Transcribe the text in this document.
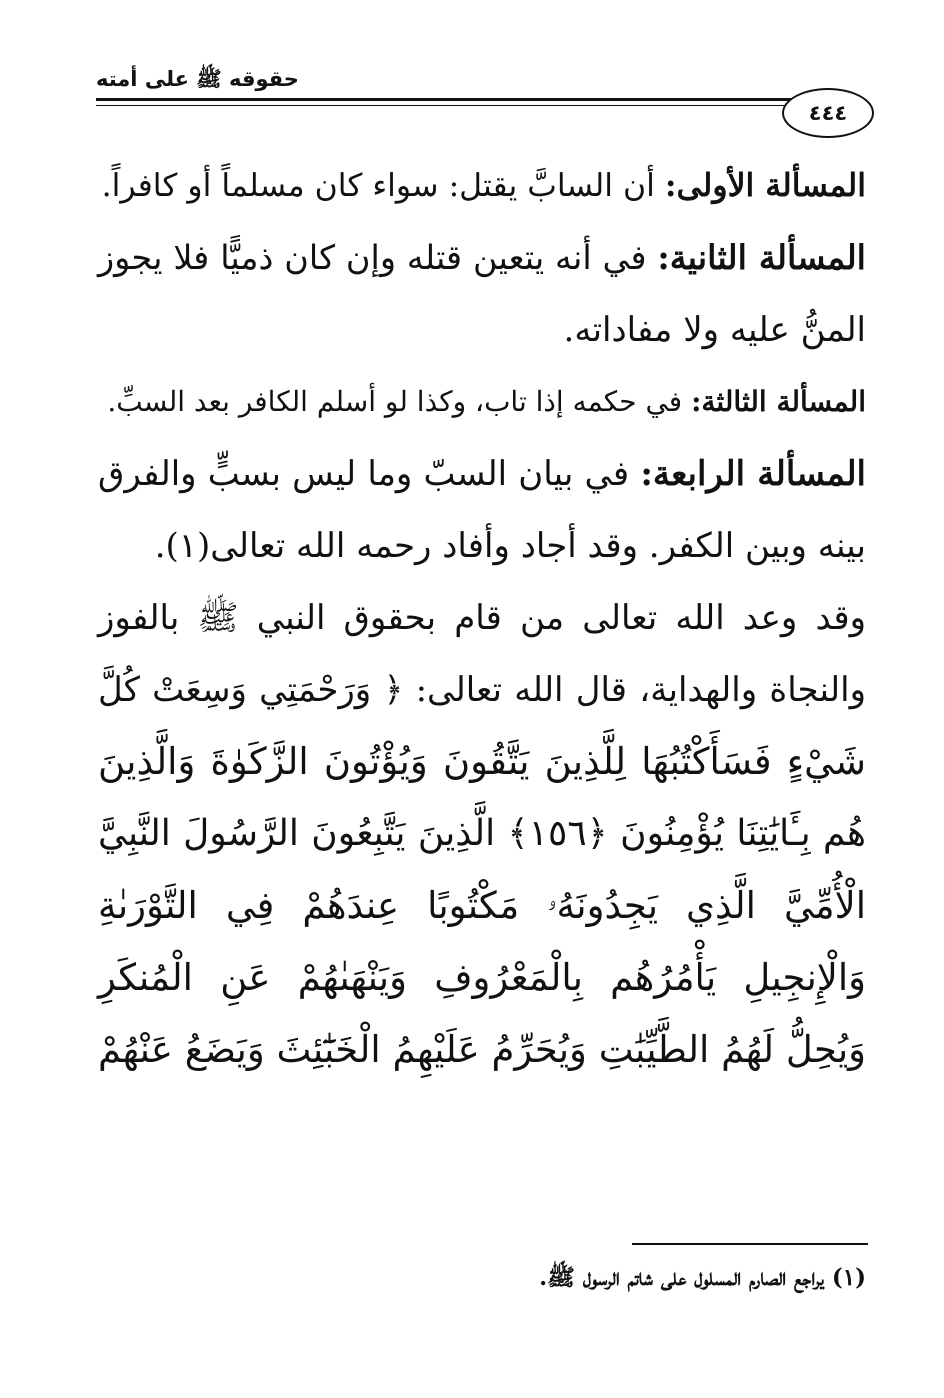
حقوقه ﷺ على أمته
٤٤٤
المسألة الأولى: أن السابَّ يقتل: سواء كان مسلماً أو كافراً.
المسألة الثانية: في أنه يتعين قتله وإن كان ذميًّا فلا يجوز
المنُّ عليه ولا مفاداته.
المسألة الثالثة: في حكمه إذا تاب، وكذا لو أسلم الكافر بعد السبِّ.
المسألة الرابعة: في بيان السبّ وما ليس بسبٍّ والفرق
بينه وبين الكفر. وقد أجاد وأفاد رحمه الله تعالى(١).
وقد وعد الله تعالى من قام بحقوق النبي ﷺ بالفوز
والنجاة والهداية، قال الله تعالى: ﴿ وَرَحْمَتِي وَسِعَتْ كُلَّ
شَيْءٍ فَسَأَكْتُبُهَا لِلَّذِينَ يَتَّقُونَ وَيُؤْتُونَ الزَّكَوٰةَ وَالَّذِينَ
هُم بِـَٔايَٰتِنَا يُؤْمِنُونَ ﴿١٥٦﴾ الَّذِينَ يَتَّبِعُونَ الرَّسُولَ النَّبِيَّ
الْأُمِّيَّ الَّذِي يَجِدُونَهُۥ مَكْتُوبًا عِندَهُمْ فِي التَّوْرَىٰةِ
وَالْإِنجِيلِ يَأْمُرُهُم بِالْمَعْرُوفِ وَيَنْهَىٰهُمْ عَنِ الْمُنكَرِ
وَيُحِلُّ لَهُمُ الطَّيِّبَٰتِ وَيُحَرِّمُ عَلَيْهِمُ الْخَبَٰٓئِثَ وَيَضَعُ عَنْهُمْ
(١) يراجع الصارم المسلول على شاتم الرسول ﷺ.
